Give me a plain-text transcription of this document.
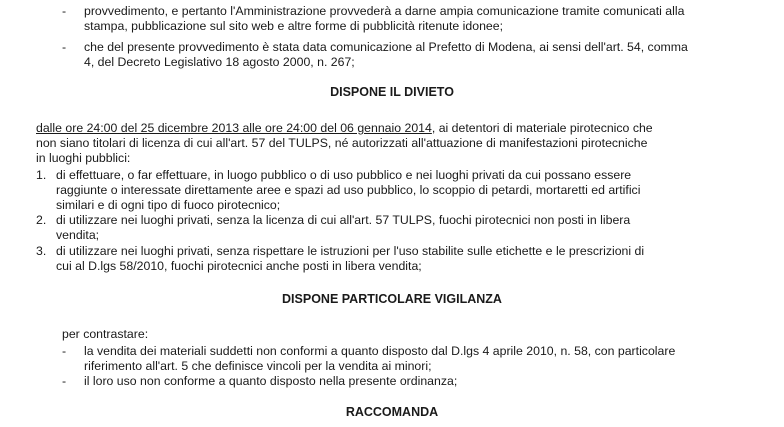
- provvedimento, e pertanto l'Amministrazione provvederà a darne ampia comunicazione tramite comunicati alla
stampa, pubblicazione sul sito web e altre forme di pubblicità ritenute idonee;
- che del presente provvedimento è stata data comunicazione al Prefetto di Modena, ai sensi dell'art. 54, comma
4, del Decreto Legislativo 18 agosto 2000, n. 267;
DISPONE IL DIVIETO
dalle ore 24:00 del 25 dicembre 2013 alle ore 24:00 del 06 gennaio 2014, ai detentori di materiale pirotecnico che
non siano titolari di licenza di cui all'art. 57 del TULPS, né autorizzati all'attuazione di manifestazioni pirotecniche
in luoghi pubblici:
1. di effettuare, o far effettuare, in luogo pubblico o di uso pubblico e nei luoghi privati da cui possano essere
raggiunte o interessate direttamente aree e spazi ad uso pubblico, lo scoppio di petardi, mortaretti ed artifici
similari e di ogni tipo di fuoco pirotecnico;
2. di utilizzare nei luoghi privati, senza la licenza di cui all'art. 57 TULPS, fuochi pirotecnici non posti in libera
vendita;
3. di utilizzare nei luoghi privati, senza rispettare le istruzioni per l'uso stabilite sulle etichette e le prescrizioni di
cui al D.lgs 58/2010, fuochi pirotecnici anche posti in libera vendita;
DISPONE PARTICOLARE VIGILANZA
per contrastare:
- la vendita dei materiali suddetti non conformi a quanto disposto dal D.lgs 4 aprile 2010, n. 58, con particolare
riferimento all'art. 5 che definisce vincoli per la vendita ai minori;
- il loro uso non conforme a quanto disposto nella presente ordinanza;
RACCOMANDA
